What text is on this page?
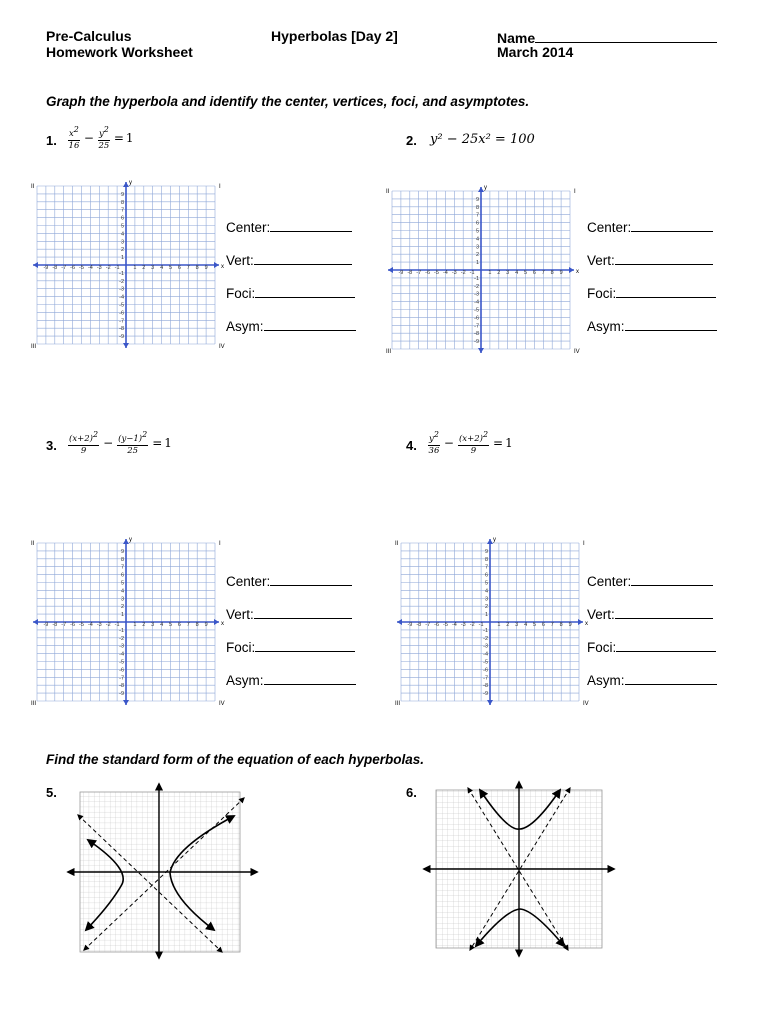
Pre-Calculus
Homework Worksheet
Hyperbolas [Day 2]	Name
March 2014
Graph the hyperbola and identify the center, vertices, foci, and asymptotes.
1. $\frac{x^2}{16} - \frac{y^2}{25} = 1$	2. y² − 25x² = 100
3. $\frac{(x+2)^2}{9} - \frac{(y-1)^2}{25} = 1$	4. $\frac{y^2}{36} - \frac{(x+2)^2}{9} = 1$
-9
-9
-8
-8
-7
-7
-6
-6
-5
-5
-4
-4
-3
-3
-2
-2
-1
-1
1
1
2
2
3
3
4
4
5
5
6
6
7
7
8
8
9
9
x
y
I
II
III	IV
-9
-9
-8
-8
-7
-7
-6
-6
-5
-5
-4
-4
-3
-3
-2
-2
-1
-1
1
1
2
2
3
3
4
4
5
5
6
6
7
7
8
8
9
9
x
y
I
II
III	IV
-9
-9
-8
-8
-7
-7
-6
-6
-5
-5
-4
-4
-3
-3
-2
-2
-1
-1
1
1
2
2
3
3
4
4
5
5
6
6
7
7
8
8
9
9
x
y
I
II
III	IV
-9
-9
-8
-8
-7
-7
-6
-6
-5
-5
-4
-4
-3
-3
-2
-2
-1
-1
1
1
2
2
3
3
4
4
5
5
6
6
7
7
8
8
9
9
x
y
I
II
III	IV
Center:
Vert:
Foci:
Asym:
Center:
Vert:
Foci:
Asym:
Center:
Vert:
Foci:
Asym:
Center:
Vert:
Foci:
Asym:
Find the standard form of the equation of each hyperbolas.
5.	6.
